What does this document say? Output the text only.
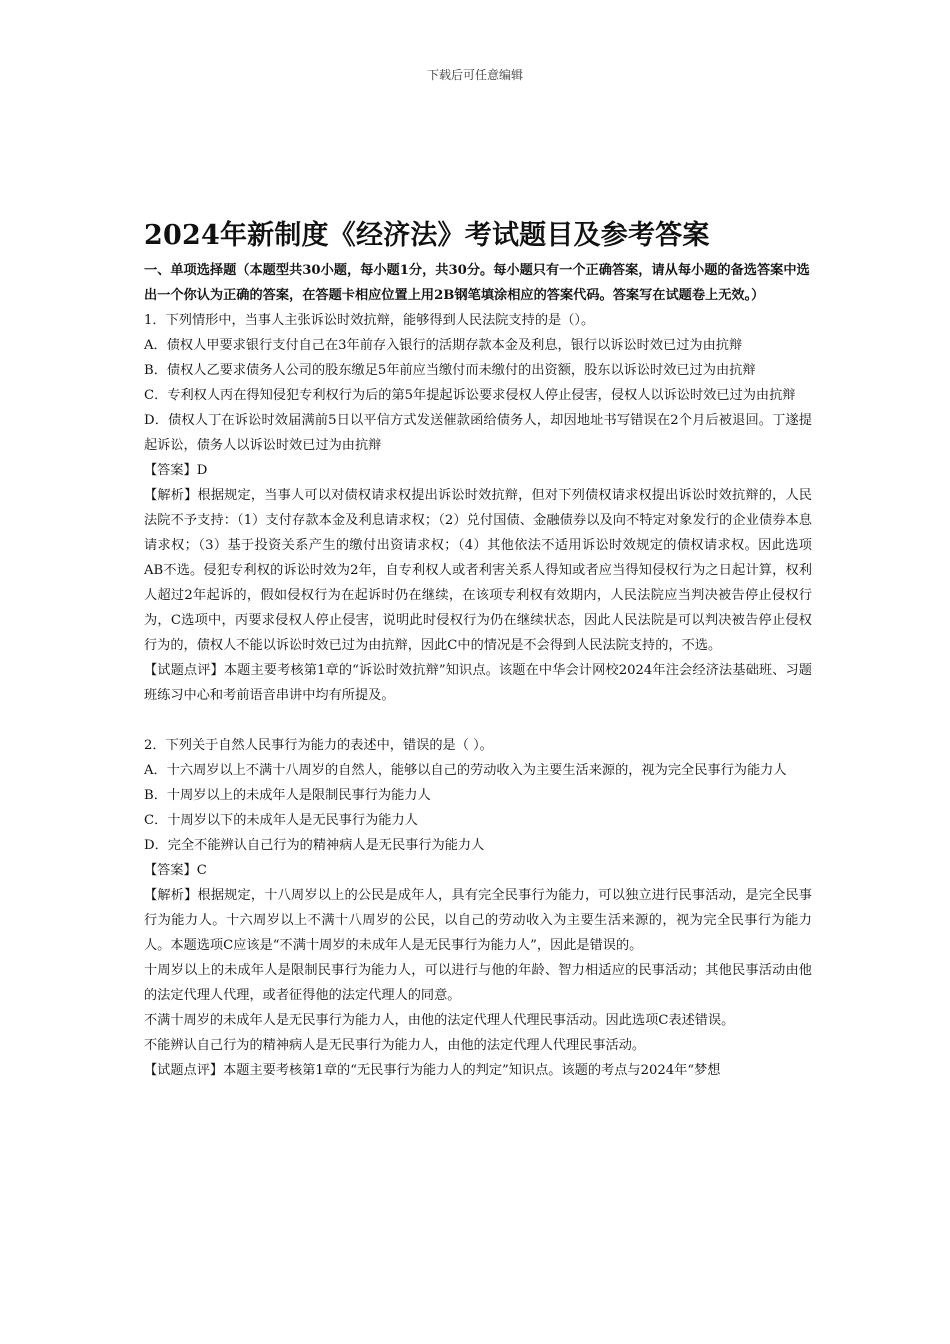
下载后可任意编辑
2024年新制度《经济法》考试题目及参考答案

一、单项选择题（本题型共30小题，每小题1分，共30分。每小题只有一个正确答案，请从每小题的备选答案中选出一个你认为正确的答案，在答题卡相应位置上用2B钢笔填涂相应的答案代码。答案写在试题卷上无效。）

1．下列情形中，当事人主张诉讼时效抗辩，能够得到人民法院支持的是（）。

A．债权人甲要求银行支付自己在3年前存入银行的活期存款本金及利息，银行以诉讼时效已过为由抗辩

B．债权人乙要求债务人公司的股东缴足5年前应当缴付而未缴付的出资额，股东以诉讼时效已过为由抗辩

C．专利权人丙在得知侵犯专利权行为后的第5年提起诉讼要求侵权人停止侵害，侵权人以诉讼时效已过为由抗辩

D．债权人丁在诉讼时效届满前5日以平信方式发送催款函给债务人，却因地址书写错误在2个月后被退回。丁遂提起诉讼，债务人以诉讼时效已过为由抗辩

【答案】D

【解析】根据规定，当事人可以对债权请求权提出诉讼时效抗辩，但对下列债权请求权提出诉讼时效抗辩的，人民法院不予支持：（1）支付存款本金及利息请求权；（2）兑付国债、金融债券以及向不特定对象发行的企业债券本息请求权；（3）基于投资关系产生的缴付出资请求权；（4）其他依法不适用诉讼时效规定的债权请求权。因此选项AB不选。侵犯专利权的诉讼时效为2年，自专利权人或者利害关系人得知或者应当得知侵权行为之日起计算，权利人超过2年起诉的，假如侵权行为在起诉时仍在继续，在该项专利权有效期内，人民法院应当判决被告停止侵权行为，C选项中，丙要求侵权人停止侵害，说明此时侵权行为仍在继续状态，因此人民法院是可以判决被告停止侵权行为的，债权人不能以诉讼时效已过为由抗辩，因此C中的情况是不会得到人民法院支持的，不选。

【试题点评】本题主要考核第1章的“诉讼时效抗辩”知识点。该题在中华会计网校2024年注会经济法基础班、习题班练习中心和考前语音串讲中均有所提及。

2．下列关于自然人民事行为能力的表述中，错误的是（ ）。

A．十六周岁以上不满十八周岁的自然人，能够以自己的劳动收入为主要生活来源的，视为完全民事行为能力人

B．十周岁以上的未成年人是限制民事行为能力人

C．十周岁以下的未成年人是无民事行为能力人

D．完全不能辨认自己行为的精神病人是无民事行为能力人

【答案】C

【解析】根据规定，十八周岁以上的公民是成年人，具有完全民事行为能力，可以独立进行民事活动，是完全民事行为能力人。十六周岁以上不满十八周岁的公民，以自己的劳动收入为主要生活来源的，视为完全民事行为能力人。本题选项C应该是“不满十周岁的未成年人是无民事行为能力人”，因此是错误的。

十周岁以上的未成年人是限制民事行为能力人，可以进行与他的年龄、智力相适应的民事活动；其他民事活动由他的法定代理人代理，或者征得他的法定代理人的同意。

不满十周岁的未成年人是无民事行为能力人，由他的法定代理人代理民事活动。因此选项C表述错误。

不能辨认自己行为的精神病人是无民事行为能力人，由他的法定代理人代理民事活动。

【试题点评】本题主要考核第1章的“无民事行为能力人的判定”知识点。该题的考点与2024年“梦想
